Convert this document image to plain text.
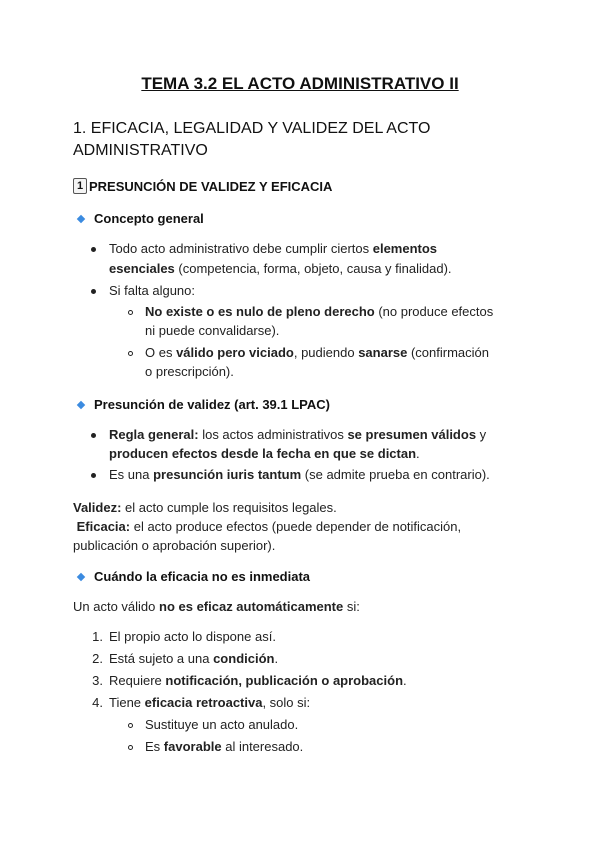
TEMA 3.2 EL ACTO ADMINISTRATIVO II
1. EFICACIA, LEGALIDAD Y VALIDEZ DEL ACTO ADMINISTRATIVO
1 PRESUNCIÓN DE VALIDEZ Y EFICACIA
Concepto general
Todo acto administrativo debe cumplir ciertos elementos
esenciales (competencia, forma, objeto, causa y finalidad).
Si falta alguno:
No existe o es nulo de pleno derecho (no produce efectos
ni puede convalidarse).
O es válido pero viciado, pudiendo sanarse (confirmación
o prescripción).
Presunción de validez (art. 39.1 LPAC)
Regla general: los actos administrativos se presumen válidos y
producen efectos desde la fecha en que se dictan.
Es una presunción iuris tantum (se admite prueba en contrario).
Validez: el acto cumple los requisitos legales.
Eficacia: el acto produce efectos (puede depender de notificación,
publicación o aprobación superior).
Cuándo la eficacia no es inmediata
Un acto válido no es eficaz automáticamente si:
1. El propio acto lo dispone así.
2. Está sujeto a una condición.
3. Requiere notificación, publicación o aprobación.
4. Tiene eficacia retroactiva, solo si:
Sustituye un acto anulado.
Es favorable al interesado.
